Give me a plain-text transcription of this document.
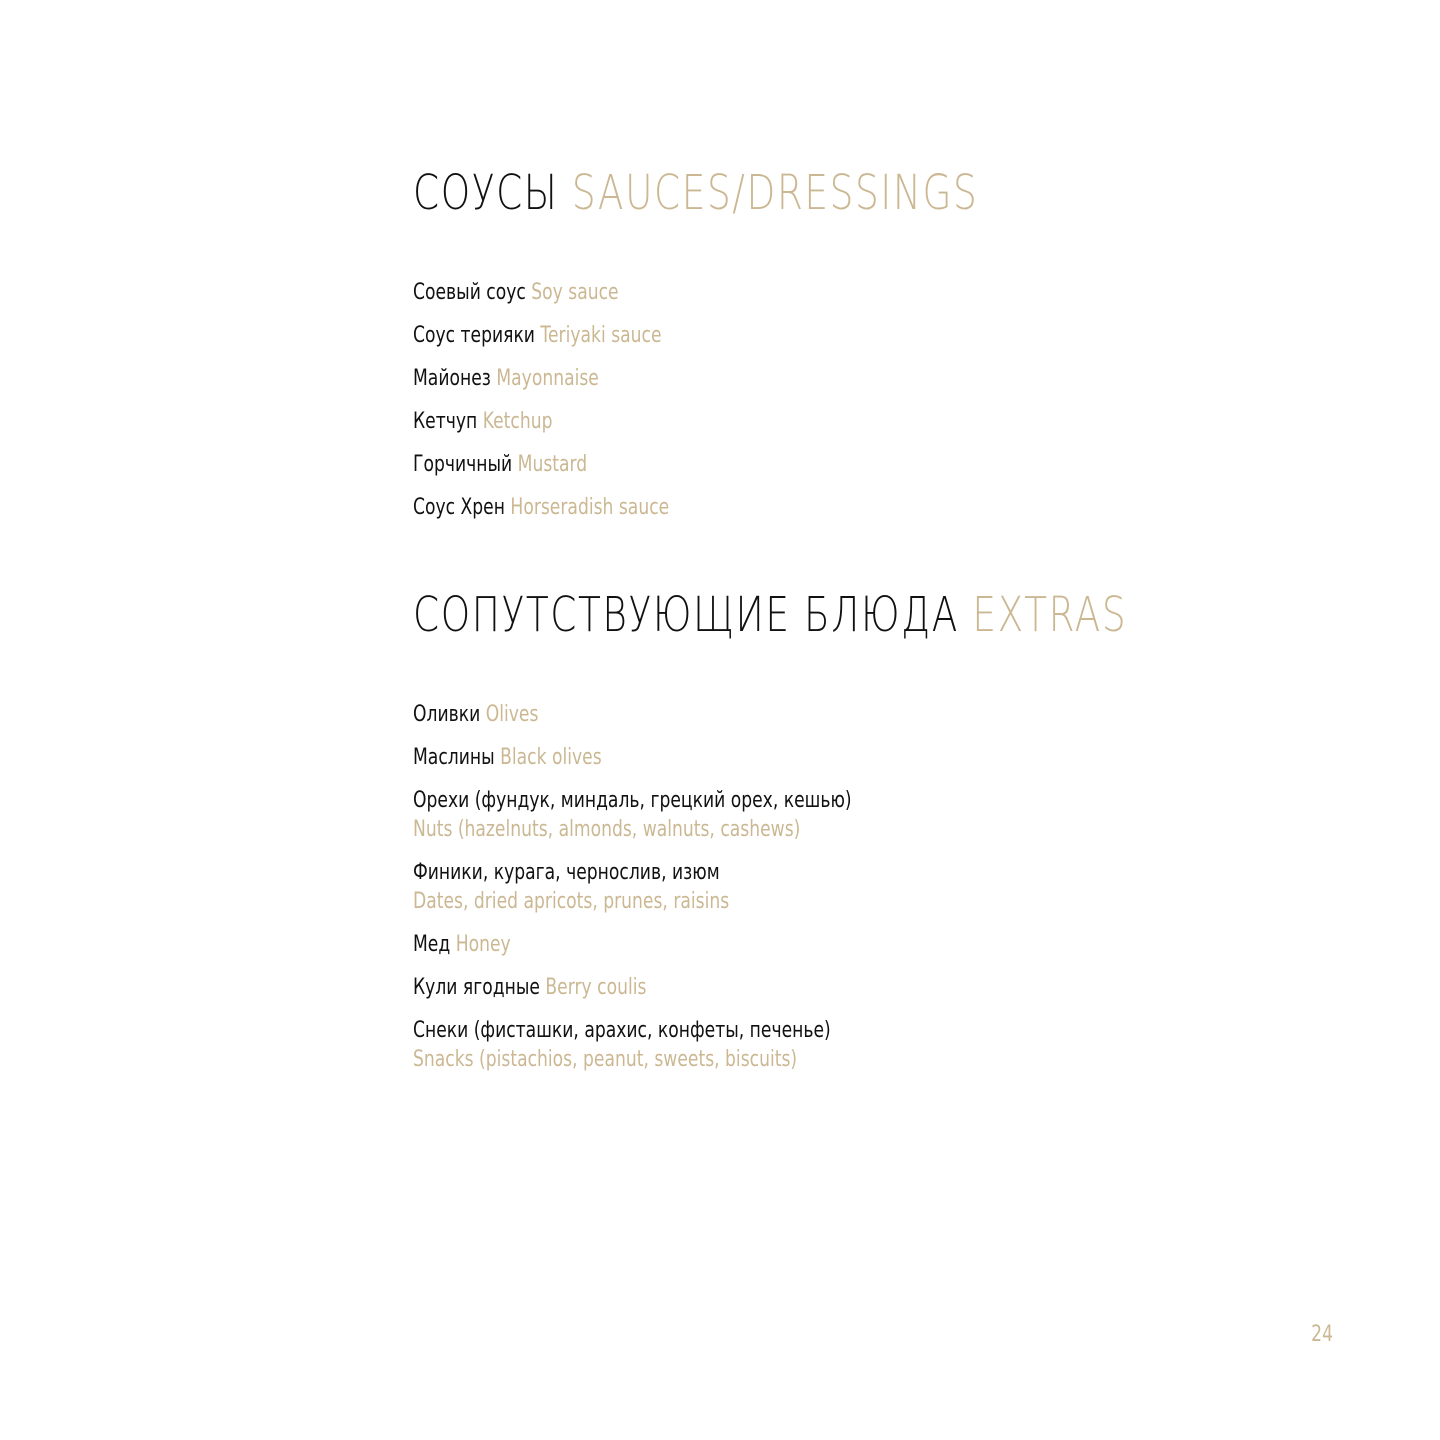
СОУСЫ SAUCES/DRESSINGS
Соевый соус Soy sauce
Соус терияки Teriyaki sauce
Майонез Mayonnaise
Кетчуп Ketchup
Горчичный Mustard
Соус Хрен Horseradish sauce
СОПУТСТВУЮЩИЕ БЛЮДА EXTRAS
Оливки Olives
Маслины Black olives
Орехи (фундук, миндаль, грецкий орех, кешью)
Nuts (hazelnuts, almonds, walnuts, cashews)
Финики, курага, чернослив, изюм
Dates, dried apricots, prunes, raisins
Мед Honey
Кули ягодные Berry coulis
Снеки (фисташки, арахис, конфеты, печенье)
Snacks (pistachios, peanut, sweets, biscuits)
24
